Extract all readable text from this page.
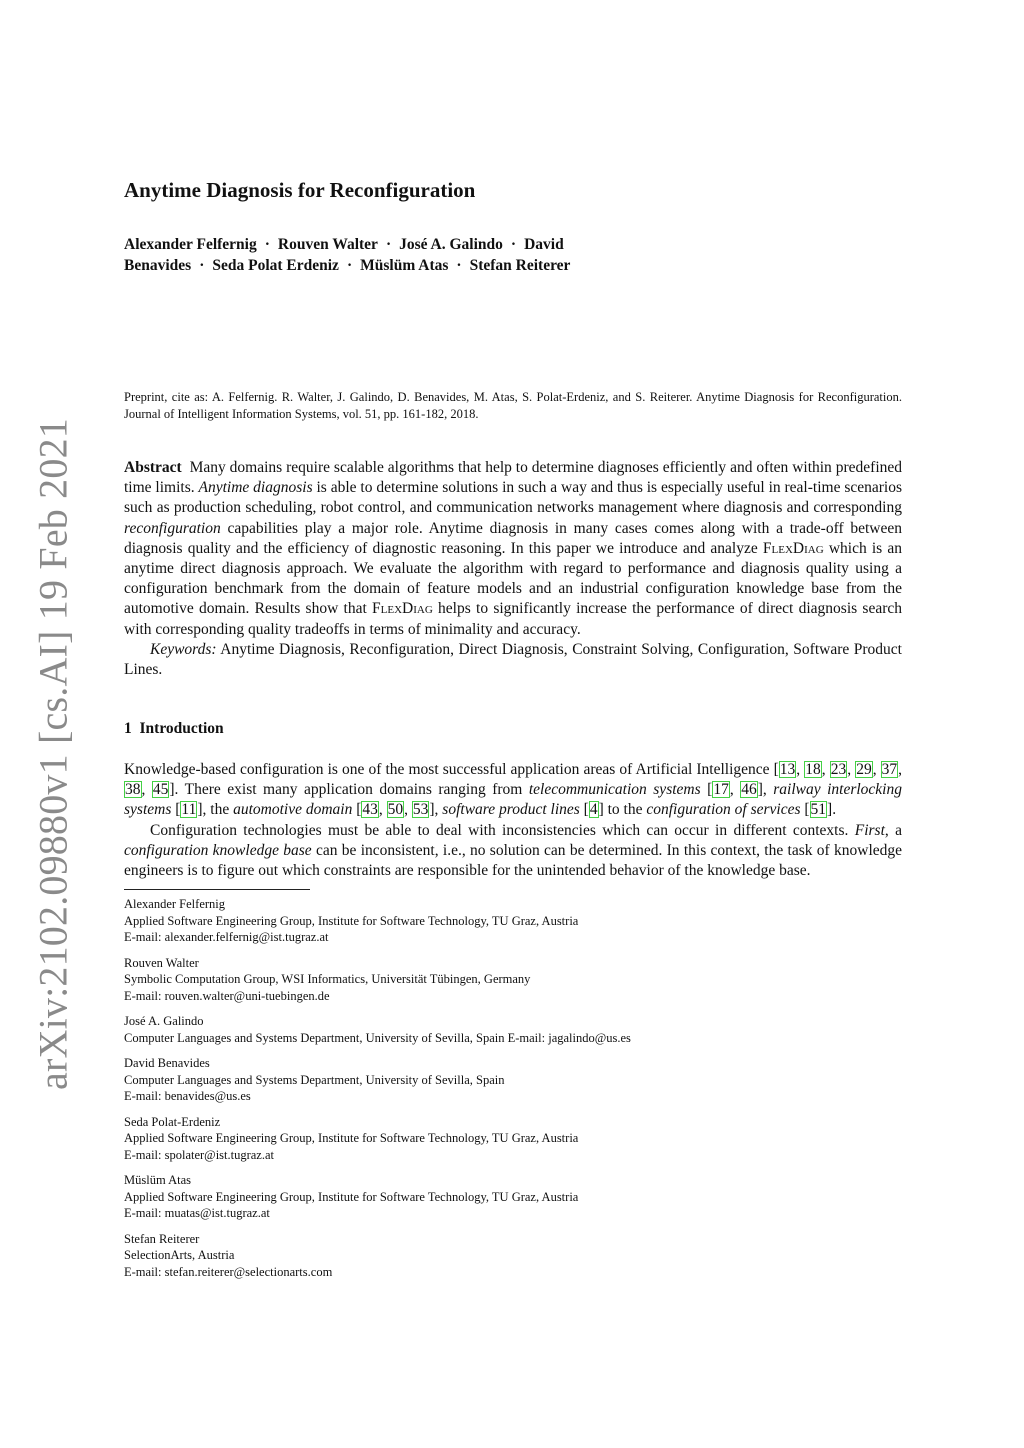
arXiv:2102.09880v1 [cs.AI] 19 Feb 2021
Anytime Diagnosis for Reconfiguration
Alexander Felfernig · Rouven Walter · José A. Galindo · David
Benavides · Seda Polat Erdeniz · Müslüm Atas · Stefan Reiterer

Preprint, cite as: A. Felfernig. R. Walter, J. Galindo, D. Benavides, M. Atas, S. Polat-Erdeniz, and S. Reiterer. Anytime Diagnosis for Reconfiguration. Journal of Intelligent Information Systems, vol. 51, pp. 161-182, 2018.

Abstract Many domains require scalable algorithms that help to determine diagnoses efficiently and often within predefined time limits. Anytime diagnosis is able to determine solutions in such a way and thus is especially useful in real-time scenarios such as production scheduling, robot control, and communication networks management where diagnosis and corresponding reconfiguration capabilities play a major role. Anytime diagnosis in many cases comes along with a trade-off between diagnosis quality and the efficiency of diagnostic reasoning. In this paper we introduce and analyze FlexDiag which is an anytime direct diagnosis approach. We evaluate the algorithm with regard to performance and diagnosis quality using a configuration benchmark from the domain of feature models and an industrial configuration knowledge base from the automotive domain. Results show that FlexDiag helps to significantly increase the performance of direct diagnosis search with corresponding quality tradeoffs in terms of minimality and accuracy.

Keywords: Anytime Diagnosis, Reconfiguration, Direct Diagnosis, Constraint Solving, Configuration, Software Product Lines.

1 Introduction

Knowledge-based configuration is one of the most successful application areas of Artificial Intelligence [13, 18, 23, 29, 37, 38, 45]. There exist many application domains ranging from telecommunication systems [17, 46], railway interlocking systems [11], the automotive domain [43, 50, 53], software product lines [4] to the configuration of services [51].

Configuration technologies must be able to deal with inconsistencies which can occur in different contexts. First, a configuration knowledge base can be inconsistent, i.e., no solution can be determined. In this context, the task of knowledge engineers is to figure out which constraints are responsible for the unintended behavior of the knowledge base.

Alexander Felfernig
Applied Software Engineering Group, Institute for Software Technology, TU Graz, Austria
E-mail: alexander.felfernig@ist.tugraz.at
Rouven Walter
Symbolic Computation Group, WSI Informatics, Universität Tübingen, Germany
E-mail: rouven.walter@uni-tuebingen.de
José A. Galindo
Computer Languages and Systems Department, University of Sevilla, Spain E-mail: jagalindo@us.es
David Benavides
Computer Languages and Systems Department, University of Sevilla, Spain
E-mail: benavides@us.es
Seda Polat-Erdeniz
Applied Software Engineering Group, Institute for Software Technology, TU Graz, Austria
E-mail: spolater@ist.tugraz.at
Müslüm Atas
Applied Software Engineering Group, Institute for Software Technology, TU Graz, Austria
E-mail: muatas@ist.tugraz.at
Stefan Reiterer
SelectionArts, Austria
E-mail: stefan.reiterer@selectionarts.com
